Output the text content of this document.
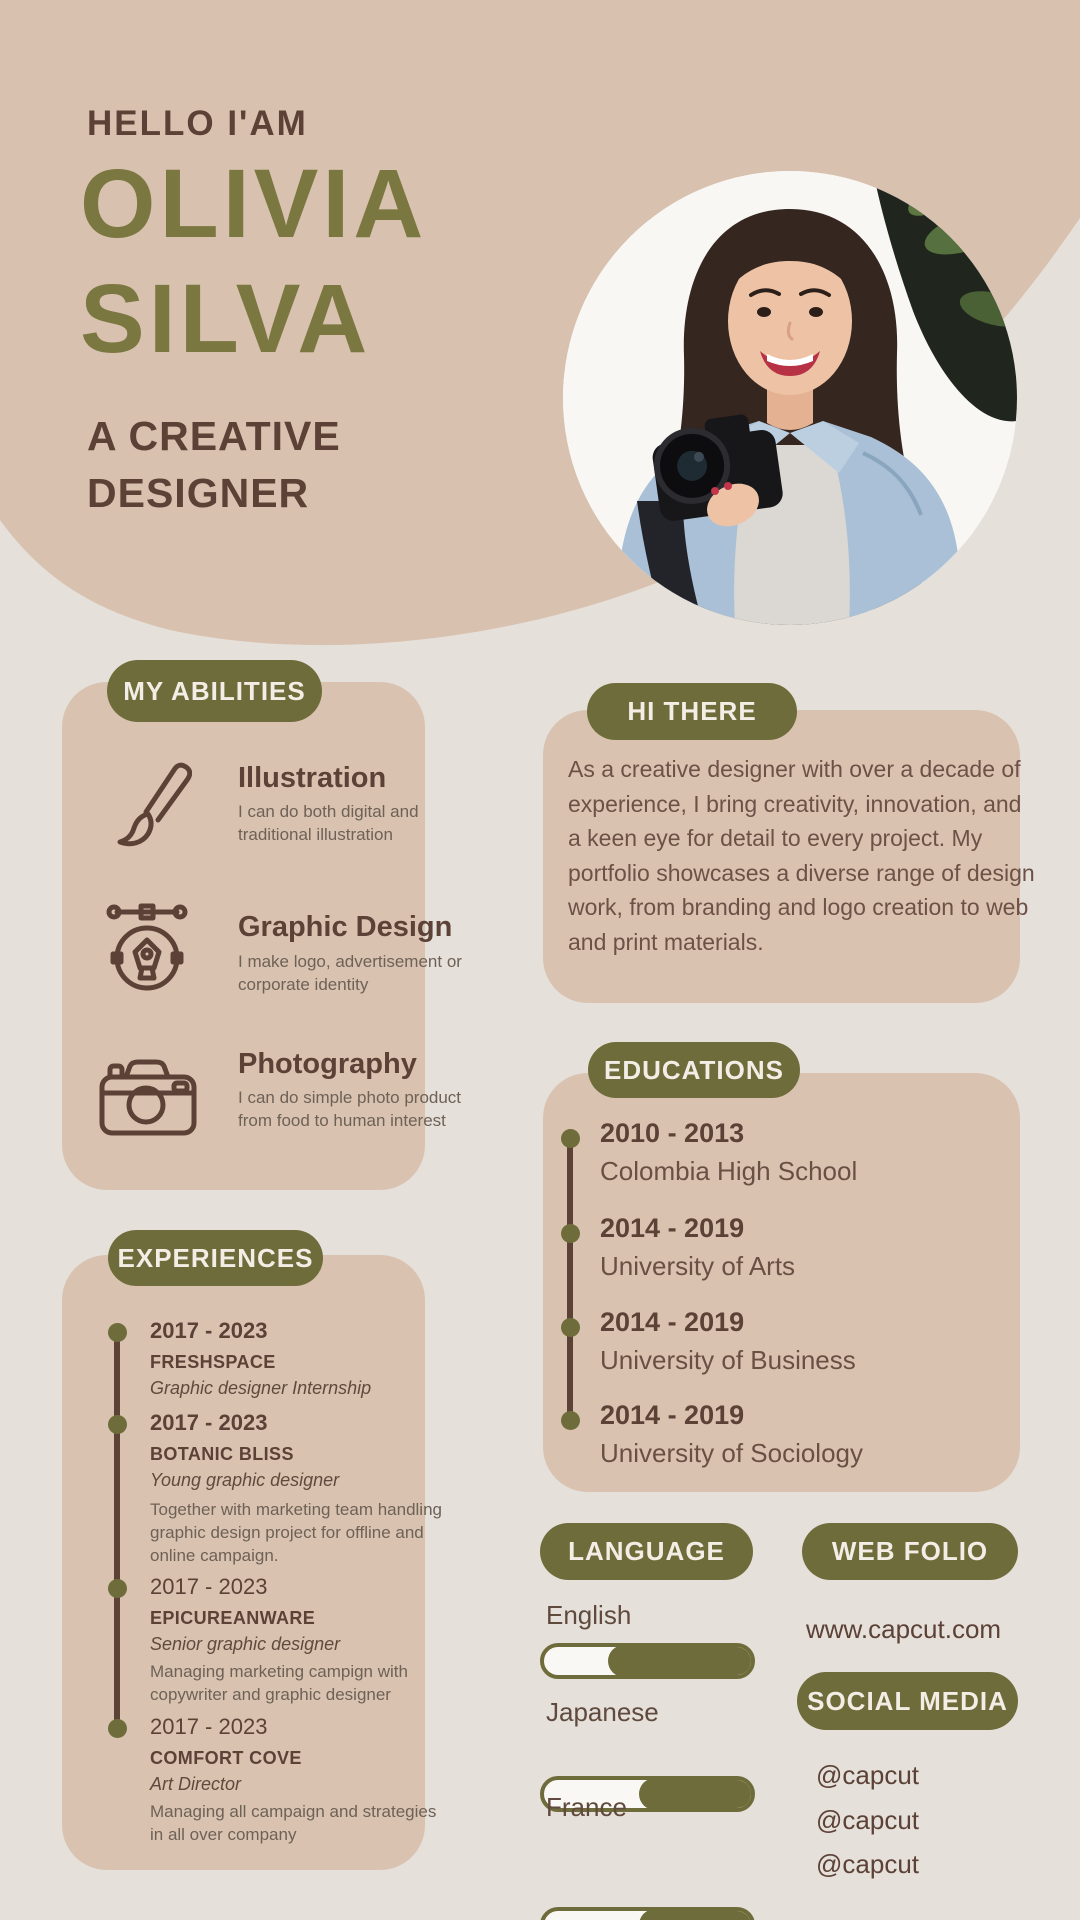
HELLO I'AM
OLIVIA
SILVA
A CREATIVE
DESIGNER
MY ABILITIES
Illustration
I can do both digital and traditional illustration
Graphic Design
I make logo, advertisement or corporate identity
Photography
I can do simple photo product from food to human interest
HI THERE
As a creative designer with over a decade of experience, I bring creativity, innovation, and a keen eye for detail to every project. My portfolio showcases a diverse range of design work, from branding and logo creation to web and print materials.
EDUCATIONS
2010 - 2013
Colombia High School
2014 - 2019
University of Arts
2014 - 2019
University of Business
2014 - 2019
University of Sociology
EXPERIENCES
2017 - 2023
FRESHSPACE
Graphic designer Internship
2017 - 2023
BOTANIC BLISS
Young graphic designer
Together with marketing team handling graphic design project for offline and online campaign.
2017 - 2023
EPICUREANWARE
Senior graphic designer
Managing marketing campign with copywriter and graphic designer
2017 - 2023
COMFORT COVE
Art Director
Managing all campaign and strategies in all over company
LANGUAGE
English
Japanese
France
WEB FOLIO
www.capcut.com
SOCIAL MEDIA
@capcut
@capcut
@capcut
